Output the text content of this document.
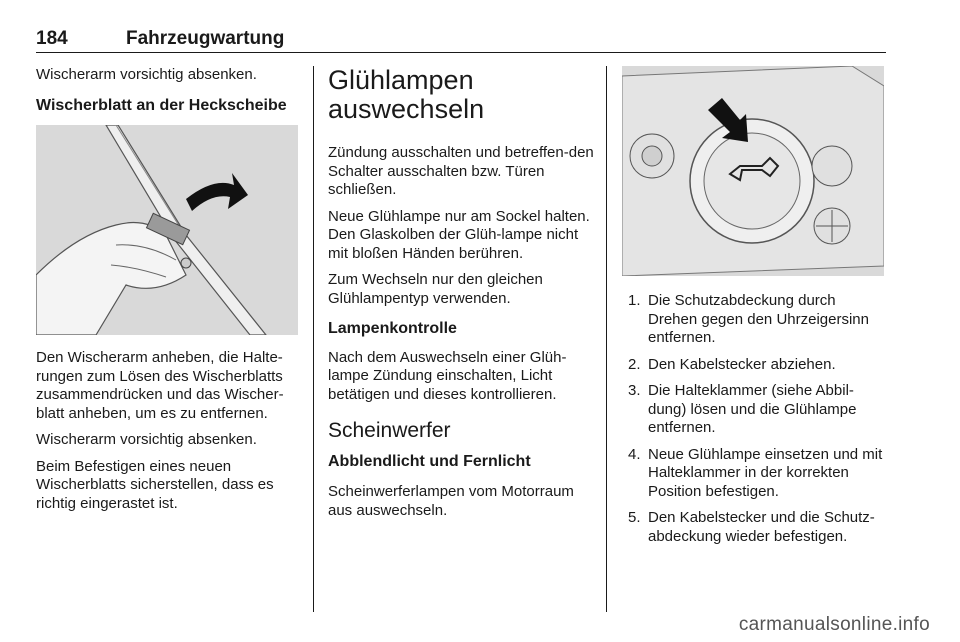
184	Fahrzeugwartung

Wischerarm vorsichtig absenken.

Wischerblatt an der Heckscheibe

Den Wischerarm anheben, die Halte-rungen zum Lösen des Wischerblatts zusammendrücken und das Wischer-blatt anheben, um es zu entfernen.

Wischerarm vorsichtig absenken.

Beim Befestigen eines neuen Wischerblatts sicherstellen, dass es richtig eingerastet ist.

Glühlampen auswechseln

Zündung ausschalten und betreffen-den Schalter ausschalten bzw. Türen schließen.

Neue Glühlampe nur am Sockel halten. Den Glaskolben der Glüh-lampe nicht mit bloßen Händen berühren.

Zum Wechseln nur den gleichen Glühlampentyp verwenden.

Lampenkontrolle

Nach dem Auswechseln einer Glüh-lampe Zündung einschalten, Licht betätigen und dieses kontrollieren.

Scheinwerfer
Abblendlicht und Fernlicht

Scheinwerferlampen vom Motorraum aus auswechseln.

1. Die Schutzabdeckung durch Drehen gegen den Uhrzeigersinn entfernen.
2. Den Kabelstecker abziehen.
3. Die Halteklammer (siehe Abbil-dung) lösen und die Glühlampe entfernen.
4. Neue Glühlampe einsetzen und mit Halteklammer in der korrekten Position befestigen.
5. Den Kabelstecker und die Schutz-abdeckung wieder befestigen.
carmanualsonline.info
